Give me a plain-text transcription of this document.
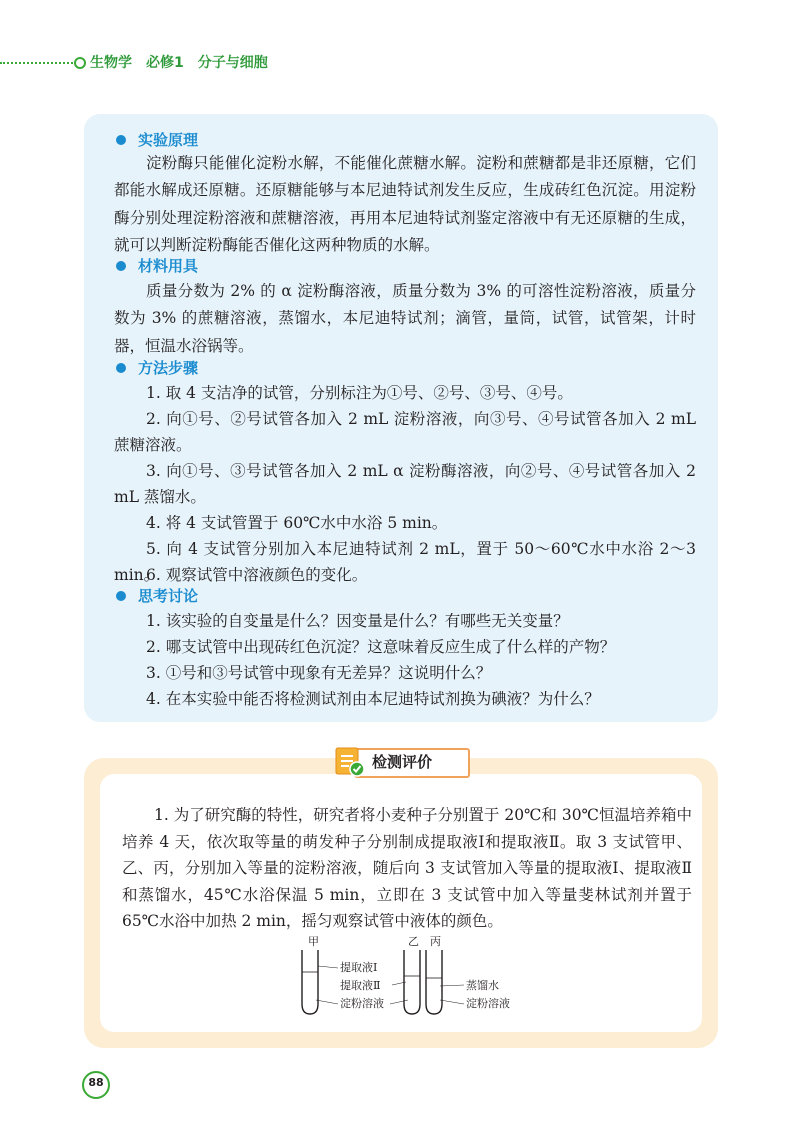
生物学　必修1　分子与细胞
实验原理

淀粉酶只能催化淀粉水解，不能催化蔗糖水解。淀粉和蔗糖都是非还原糖，它们都能水解成还原糖。还原糖能够与本尼迪特试剂发生反应，生成砖红色沉淀。用淀粉酶分别处理淀粉溶液和蔗糖溶液，再用本尼迪特试剂鉴定溶液中有无还原糖的生成，就可以判断淀粉酶能否催化这两种物质的水解。

材料用具

质量分数为 2% 的 α 淀粉酶溶液，质量分数为 3% 的可溶性淀粉溶液，质量分数为 3% 的蔗糖溶液，蒸馏水，本尼迪特试剂；滴管，量筒，试管，试管架，计时器，恒温水浴锅等。

方法步骤

1. 取 4 支洁净的试管，分别标注为①号、②号、③号、④号。

2. 向①号、②号试管各加入 2 mL 淀粉溶液，向③号、④号试管各加入 2 mL 蔗糖溶液。

3. 向①号、③号试管各加入 2 mL α 淀粉酶溶液，向②号、④号试管各加入 2 mL 蒸馏水。

4. 将 4 支试管置于 60℃水中水浴 5 min。

5. 向 4 支试管分别加入本尼迪特试剂 2 mL，置于 50～60℃水中水浴 2～3 min。

6. 观察试管中溶液颜色的变化。

思考讨论

1. 该实验的自变量是什么？因变量是什么？有哪些无关变量？

2. 哪支试管中出现砖红色沉淀？这意味着反应生成了什么样的产物？

3. ①号和③号试管中现象有无差异？这说明什么？

4. 在本实验中能否将检测试剂由本尼迪特试剂换为碘液？为什么？

检测评价

1. 为了研究酶的特性，研究者将小麦种子分别置于 20℃和 30℃恒温培养箱中培养 4 天，依次取等量的萌发种子分别制成提取液Ⅰ和提取液Ⅱ。取 3 支试管甲、乙、丙，分别加入等量的淀粉溶液，随后向 3 支试管加入等量的提取液Ⅰ、提取液Ⅱ和蒸馏水，45℃水浴保温 5 min，立即在 3 支试管中加入等量斐林试剂并置于 65℃水浴中加热 2 min，摇匀观察试管中液体的颜色。

甲	乙 丙
提取液Ⅰ
提取液Ⅱ
淀粉溶液
蒸馏水
淀粉溶液
88
